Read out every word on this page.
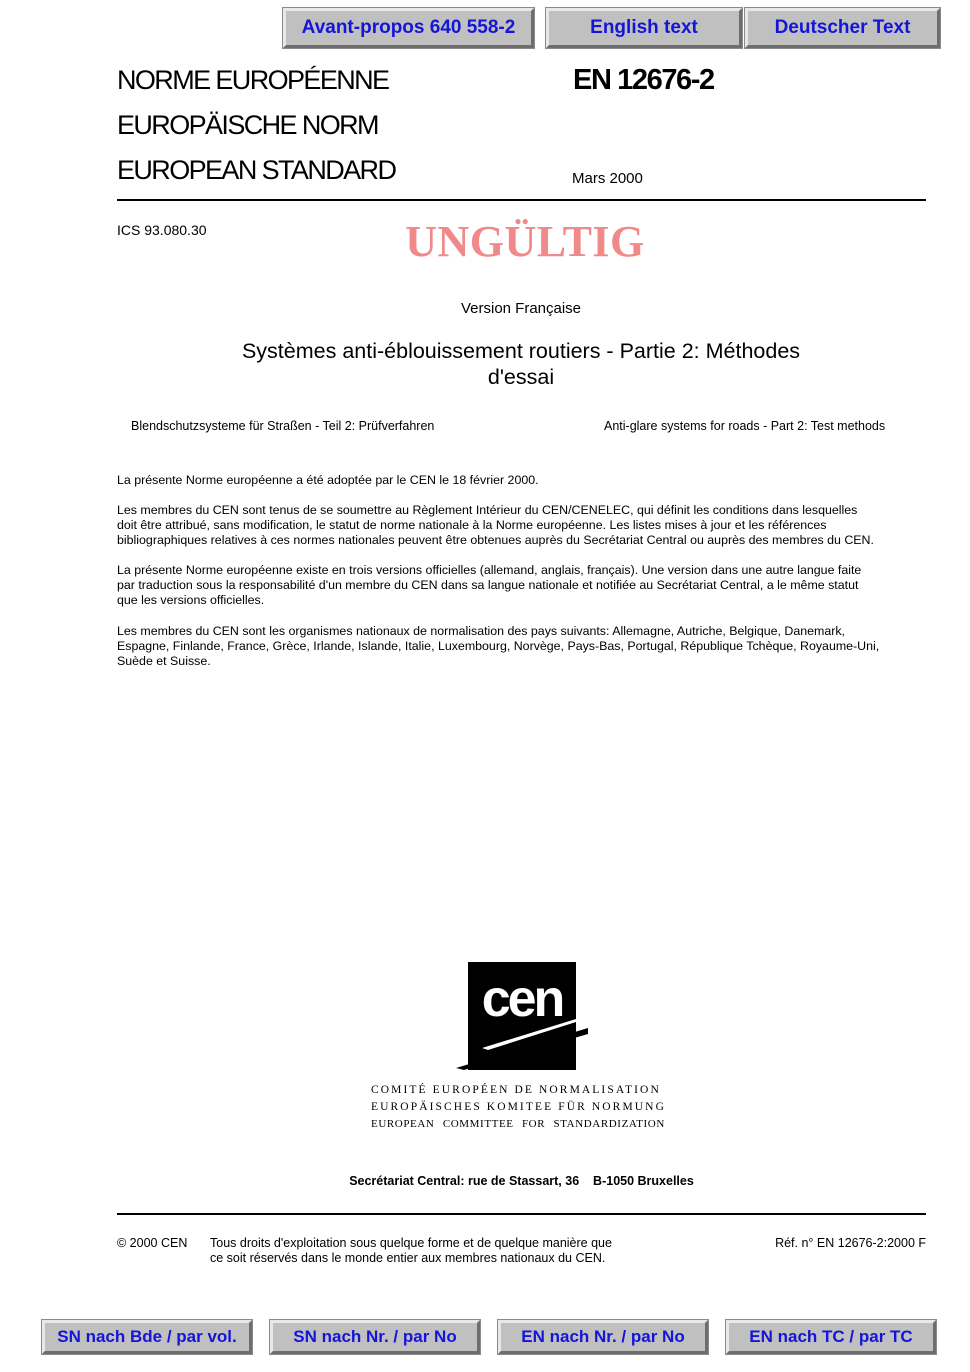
Avant-propos 640 558-2	English text	Deutscher Text
NORME EUROPÉENNE
EUROPÄISCHE NORM
EUROPEAN STANDARD
EN 12676-2
Mars 2000
ICS 93.080.30	UNGÜLTIG
Version Française
Systèmes anti-éblouissement routiers - Partie 2: Méthodes
d'essai
Blendschutzsysteme für Straßen - Teil 2: Prüfverfahren	Anti-glare systems for roads - Part 2: Test methods
La présente Norme européenne a été adoptée par le CEN le 18 février 2000.
Les membres du CEN sont tenus de se soumettre au Règlement Intérieur du CEN/CENELEC, qui définit les conditions dans lesquelles
doit être attribué, sans modification, le statut de norme nationale à la Norme européenne. Les listes mises à jour et les références
bibliographiques relatives à ces normes nationales peuvent être obtenues auprès du Secrétariat Central ou auprès des membres du CEN.
La présente Norme européenne existe en trois versions officielles (allemand, anglais, français). Une version dans une autre langue faite
par traduction sous la responsabilité d'un membre du CEN dans sa langue nationale et notifiée au Secrétariat Central, a le même statut
que les versions officielles.
Les membres du CEN sont les organismes nationaux de normalisation des pays suivants: Allemagne, Autriche, Belgique, Danemark,
Espagne, Finlande, France, Grèce, Irlande, Islande, Italie, Luxembourg, Norvège, Pays-Bas, Portugal, République Tchèque, Royaume-Uni,
Suède et Suisse.
cen
COMITÉ EUROPÉEN DE NORMALISATION
EUROPÄISCHES KOMITEE FÜR NORMUNG
EUROPEAN COMMITTEE FOR STANDARDIZATION
Secrétariat Central: rue de Stassart, 36    B-1050 Bruxelles
© 2000 CEN Tous droits d'exploitation sous quelque forme et de quelque manière que
ce soit réservés dans le monde entier aux membres nationaux du CEN.
Réf. n° EN 12676-2:2000 F
SN nach Bde / par vol.	SN nach Nr. / par No	EN nach Nr. / par No	EN nach TC / par TC
